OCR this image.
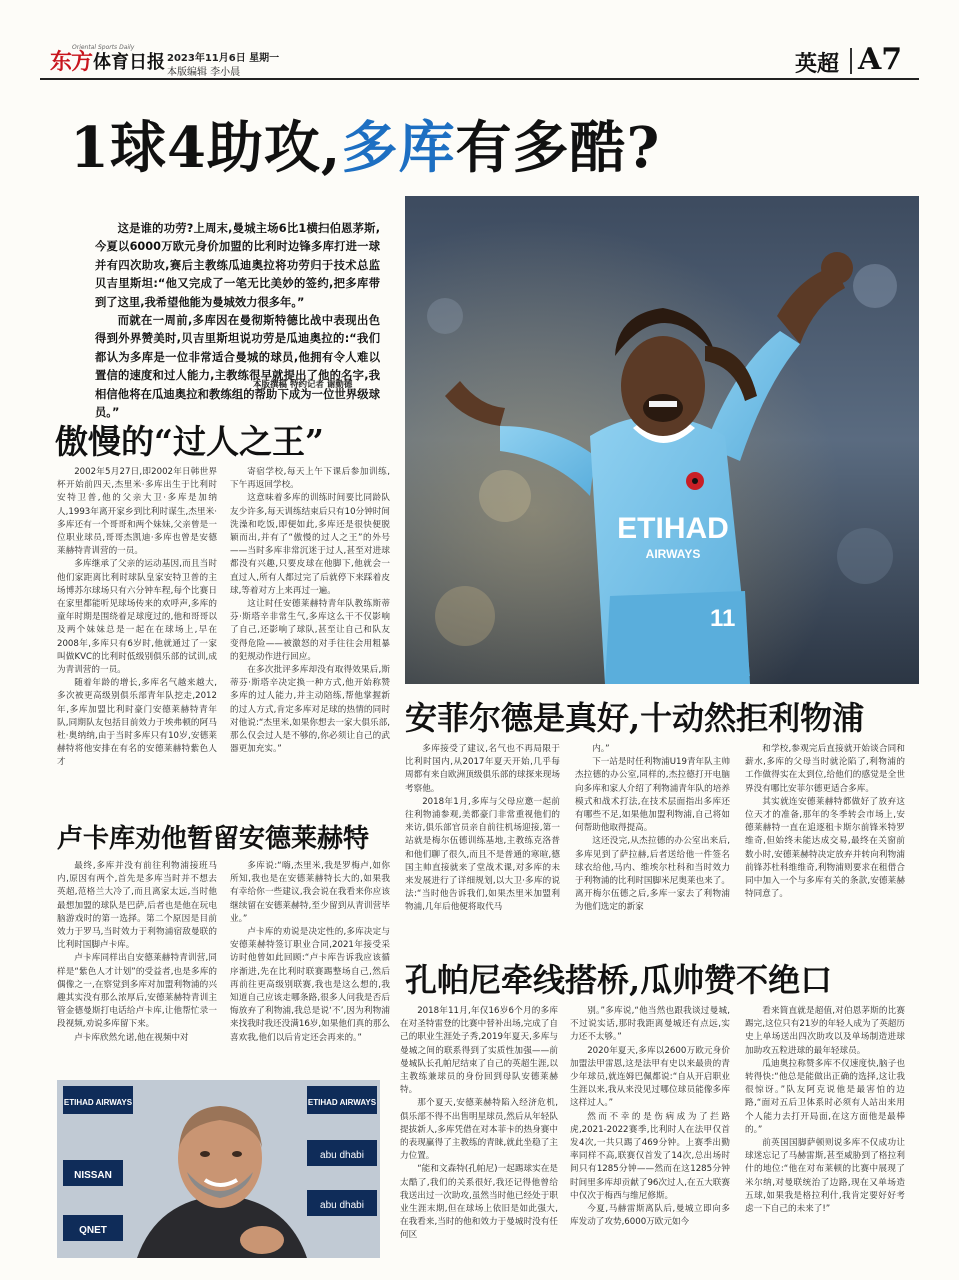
东方
Oriental Sports Daily
体育日报 2023年11月6日 星期一
本版编辑 李小晨	英超 A7
1球4助攻,多库有多酷?

这是谁的功劳?上周末,曼城主场6比1横扫伯恩茅斯,今夏以6000万欧元身价加盟的比利时边锋多库打进一球并有四次助攻,赛后主教练瓜迪奥拉将功劳归于技术总监贝吉里斯坦:“他又完成了一笔无比美妙的签约,把多库带到了这里,我希望他能为曼城效力很多年。”

而就在一周前,多库因在曼彻斯特德比战中表现出色得到外界赞美时,贝吉里斯坦说功劳是瓜迪奥拉的:“我们都认为多库是一位非常适合曼城的球员,他拥有令人难以置信的速度和过人能力,主教练很早就提出了他的名字,我相信他将在瓜迪奥拉和教练组的帮助下成为一位世界级球员。”

本版撰稿 特约记者 谢勤德
ETIHAD
AIRWAYS
11
傲慢的“过人之王”

2002年5月27日,即2002年日韩世界杯开始前四天,杰里米·多库出生于比利时安特卫普,他的父亲大卫·多库是加纳人,1993年离开家乡到比利时谋生,杰里米·多库还有一个哥哥和两个妹妹,父亲曾是一位职业球员,哥哥杰凯迪·多库也曾是安德莱赫特青训营的一员。

多库继承了父亲的运动基因,而且当时他们家距离比利时球队皇家安特卫普的主场博苏尔球场只有六分钟车程,每个比赛日在家里都能听见球场传来的欢呼声,多库的童年时期是围绕着足球度过的,他和哥哥以及两个妹妹总是一起在在球场上,早在2008年,多库只有6岁时,他就通过了一家叫做KVC的比利时低级别俱乐部的试训,成为青训营的一员。

随着年龄的增长,多库名气越来越大,多次被更高级别俱乐部青年队挖走,2012年,多库加盟比利时豪门安德莱赫特青年队,同期队友包括目前效力于埃弗顿的阿马杜·奥纳纳,由于当时多库只有10岁,安德莱赫特将他安排在有名的安德莱赫特紫色人才

寄宿学校,每天上午下课后参加训练,下午再返回学校。

这意味着多库的训练时间要比同龄队友少许多,每天训练结束后只有10分钟时间洗澡和吃饭,即便如此,多库还是很快便脱颖而出,并有了“傲慢的过人之王”的外号——当时多库非常沉迷于过人,甚至对进球都没有兴趣,只要皮球在他脚下,他就会一直过人,所有人都过完了后就停下来踩着皮球,等着对方上来再过一遍。

这让时任安德莱赫特青年队教练斯蒂芬·斯塔辛非常生气,多库这么干不仅影响了自己,还影响了球队,甚至让自己和队友变得危险——被激怒的对手往往会用粗暴的犯规动作进行回应。

在多次批评多库却没有取得效果后,斯蒂芬·斯塔辛决定换一种方式,他开始称赞多库的过人能力,并主动陪练,帮他掌握新的过人方式,肯定多库对足球的热情的同时对他说:“杰里米,如果你想去一家大俱乐部,那么仅会过人是不够的,你必须让自己的武器更加充实。”

安菲尔德是真好,十动然拒利物浦

多库接受了建议,名气也不再局限于比利时国内,从2017年夏天开始,几乎每周都有来自欧洲顶级俱乐部的球探来现场考察他。

2018年1月,多库与父母应邀一起前往利物浦参观,美都豪门非常重视他们的来访,俱乐部官员亲自前往机场迎接,第一站就是梅尔伍德训练基地,主教练克洛普和他们聊了很久,而且不是普通的寒暄,德国主帅直接就来了堂战术课,对多库的未来发展进行了详细规划,以大卫·多库的说法:“当时他告诉我们,如果杰里米加盟利物浦,几年后他便将取代马

内。”

下一站是时任利物浦U19青年队主帅杰拉德的办公室,同样的,杰拉德打开电脑向多库和家人介绍了利物浦青年队的培养模式和战术打法,在技术层面指出多库还有哪些不足,如果他加盟利物浦,自己将如何帮助他取得提高。

这还没完,从杰拉德的办公室出来后,多库见到了萨拉赫,后者送给他一件签名球衣给他,马内、维埃尔杜科和当时效力于利物浦的比利时国脚米尼奥莱也来了。离开梅尔伍德之后,多库一家去了利物浦为他们选定的新家

和学校,参观完后直接就开始谈合同和薪水,多库的父母当时就沦陷了,利物浦的工作做得实在太到位,给他们的感觉是全世界没有哪比安菲尔德更适合多库。

其实就连安德莱赫特都做好了放弃这位天才的准备,那年的冬季转会市场上,安德莱赫特一直在追逐租卡斯尔前锋米特罗维奇,但始终未能达成交易,最终在关窗前数小时,安德莱赫特决定放弃并转向利物浦前锋苏杜科维维奇,利物浦则要求在租借合同中加入一个与多库有关的条款,安德莱赫特同意了。

卢卡库劝他暂留安德莱赫特

最终,多库并没有前往利物浦接班马内,原因有两个,首先是多库当时并不想去英超,范格兰大冷了,而且离家太远,当时他最想加盟的球队是巴萨,后者也是他在玩电脑游戏时的第一选择。第二个原因是目前效力于罗马,当时效力于利物浦宿敌曼联的比利时国脚卢卡库。

卢卡库同样出自安德莱赫特青训营,同样是“紫色人才计划”的受益者,也是多库的偶像之一,在察觉到多库对加盟利物浦的兴趣其实没有那么浓厚后,安德莱赫特青训主管金德曼斯打电话给卢卡库,让他帮忙录一段视频,劝说多库留下来。

卢卡库欣然允诺,他在视频中对

多库说:“嗨,杰里米,我是罗梅卢,如你所知,我也是在安德莱赫特长大的,如果我有幸给你一些建议,我会说在我看来你应该继续留在安德莱赫特,至少留到从青训营毕业。”

卢卡库的劝说是决定性的,多库决定与安德莱赫特签订职业合同,2021年接受采访时他曾如此回顾:“卢卡库告诉我应该循序渐进,先在比利时联赛踢整场自己,然后再前往更高级别联赛,我也是这么想的,我知道自己应该走哪条路,很多人问我是否后悔放弃了利物浦,我总是说‘不’,因为利物浦来找我时我还没满16岁,如果他们真的那么喜欢我,他们以后肯定还会再来的。”

孔帕尼牵线搭桥,瓜帅赞不绝口

2018年11月,年仅16岁6个月的多库在对圣特雷登的比赛中替补出场,完成了自己的职业生涯处子秀,2019年夏天,多库与曼城之间的联系得到了实质性加强——前曼城队长孔帕尼结束了自己的英超生涯,以主教练兼球员的身份回到母队安德莱赫特。

那个夏天,安德莱赫特陷入经济危机,俱乐部不得不出售明星球员,然后从年轻队提拔新人,多库凭借在对本菲卡的热身赛中的表现赢得了主教练的青睐,就此坐稳了主力位置。

“能和文森特(孔帕尼)一起踢球实在是太酷了,我们的关系很好,我还记得他曾给我送出过一次助攻,虽然当时他已经处于职业生涯末期,但在球场上依旧是如此强大,在我看来,当时的他和效力于曼城时没有任何区

别。”多库说,“他当然也跟我谈过曼城,不过说实话,那时我距离曼城还有点远,实力还不太够。”

2020年夏天,多库以2600万欧元身价加盟法甲雷恩,这是法甲有史以来最贵的青少年球员,就连姆巴佩都说:“自从开启职业生涯以来,我从来没见过哪位球员能像多库这样过人。”

然而不幸的是伤病成为了拦路虎,2021-2022赛季,比利时人在法甲仅首发4次,一共只踢了469分钟。上赛季出勤率同样不高,联赛仅首发了14次,总出场时间只有1285分钟——然而在这1285分钟时间里多库却贡献了96次过人,在五大联赛中仅次于梅西与维尼修斯。

今夏,马赫雷斯离队后,曼城立即向多库发动了攻势,6000万欧元如今

看来简直就是超值,对伯恩茅斯的比赛踢完,这位只有21岁的年轻人成为了英超历史上单场送出四次助攻以及单场制造进球加助攻五粒进球的最年轻球员。

瓜迪奥拉称赞多库不仅速度快,脑子也转得快:“他总是能做出正确的选择,这让我很惊讶。”队友阿克说他是最害怕的边路,“面对五后卫体系时必须有人站出来用个人能力去打开局面,在这方面他是最棒的。”

前英国国脚萨顿则说多库不仅成功让球迷忘记了马赫雷斯,甚至威胁到了格拉利什的地位:“他在对布莱顿的比赛中展现了米尔纳,对曼联统治了边路,现在又单场造五球,如果我是格拉利什,我肯定要好好考虑一下自己的未来了!”

ETIHAD AIRWAYS	ETIHAD AIRWAYS
abu dhabi
NISSAN
QNET
abu dhabi
